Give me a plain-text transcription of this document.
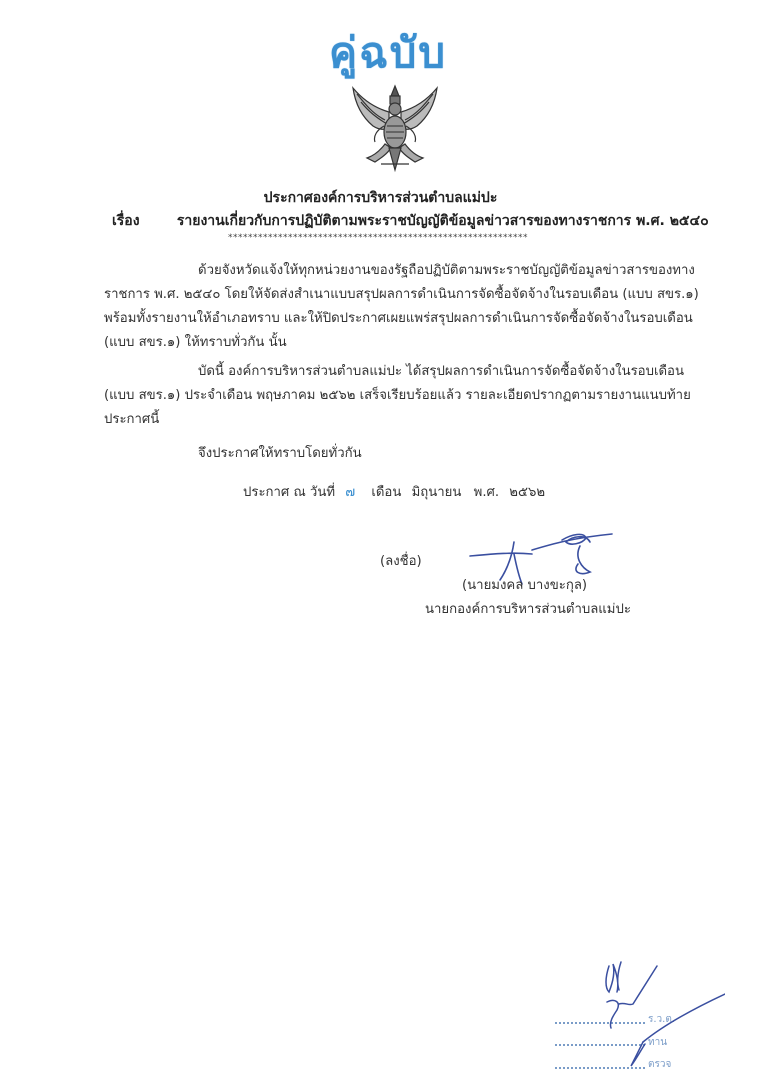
คู่ฉบับ
ประกาศองค์การบริหารส่วนตำบลแม่ปะ
เรื่อง	รายงานเกี่ยวกับการปฏิบัติตามพระราชบัญญัติข้อมูลข่าวสารของทางราชการ พ.ศ. ๒๕๔๐
************************************************************
ด้วยจังหวัดแจ้งให้ทุกหน่วยงานของรัฐถือปฏิบัติตามพระราชบัญญัติข้อมูลข่าวสารของทาง
ราชการ พ.ศ. ๒๕๔๐ โดยให้จัดส่งสำเนาแบบสรุปผลการดำเนินการจัดซื้อจัดจ้างในรอบเดือน (แบบ สขร.๑)
พร้อมทั้งรายงานให้อำเภอทราบ และให้ปิดประกาศเผยแพร่สรุปผลการดำเนินการจัดซื้อจัดจ้างในรอบเดือน
(แบบ สขร.๑) ให้ทราบทั่วกัน นั้น
บัดนี้ องค์การบริหารส่วนตำบลแม่ปะ ได้สรุปผลการดำเนินการจัดซื้อจัดจ้างในรอบเดือน
(แบบ สขร.๑) ประจำเดือน พฤษภาคม ๒๕๖๒ เสร็จเรียบร้อยแล้ว รายละเอียดปรากฏตามรายงานแนบท้าย
ประกาศนี้
จึงประกาศให้ทราบโดยทั่วกัน
ประกาศ ณ วันที่ ๗ เดือน มิถุนายน พ.ศ. ๒๕๖๒
(ลงชื่อ)
(นายมงคล บางขะกุล)
นายกองค์การบริหารส่วนตำบลแม่ปะ
ร.ว.ต.
ทาน
ตรวจ
